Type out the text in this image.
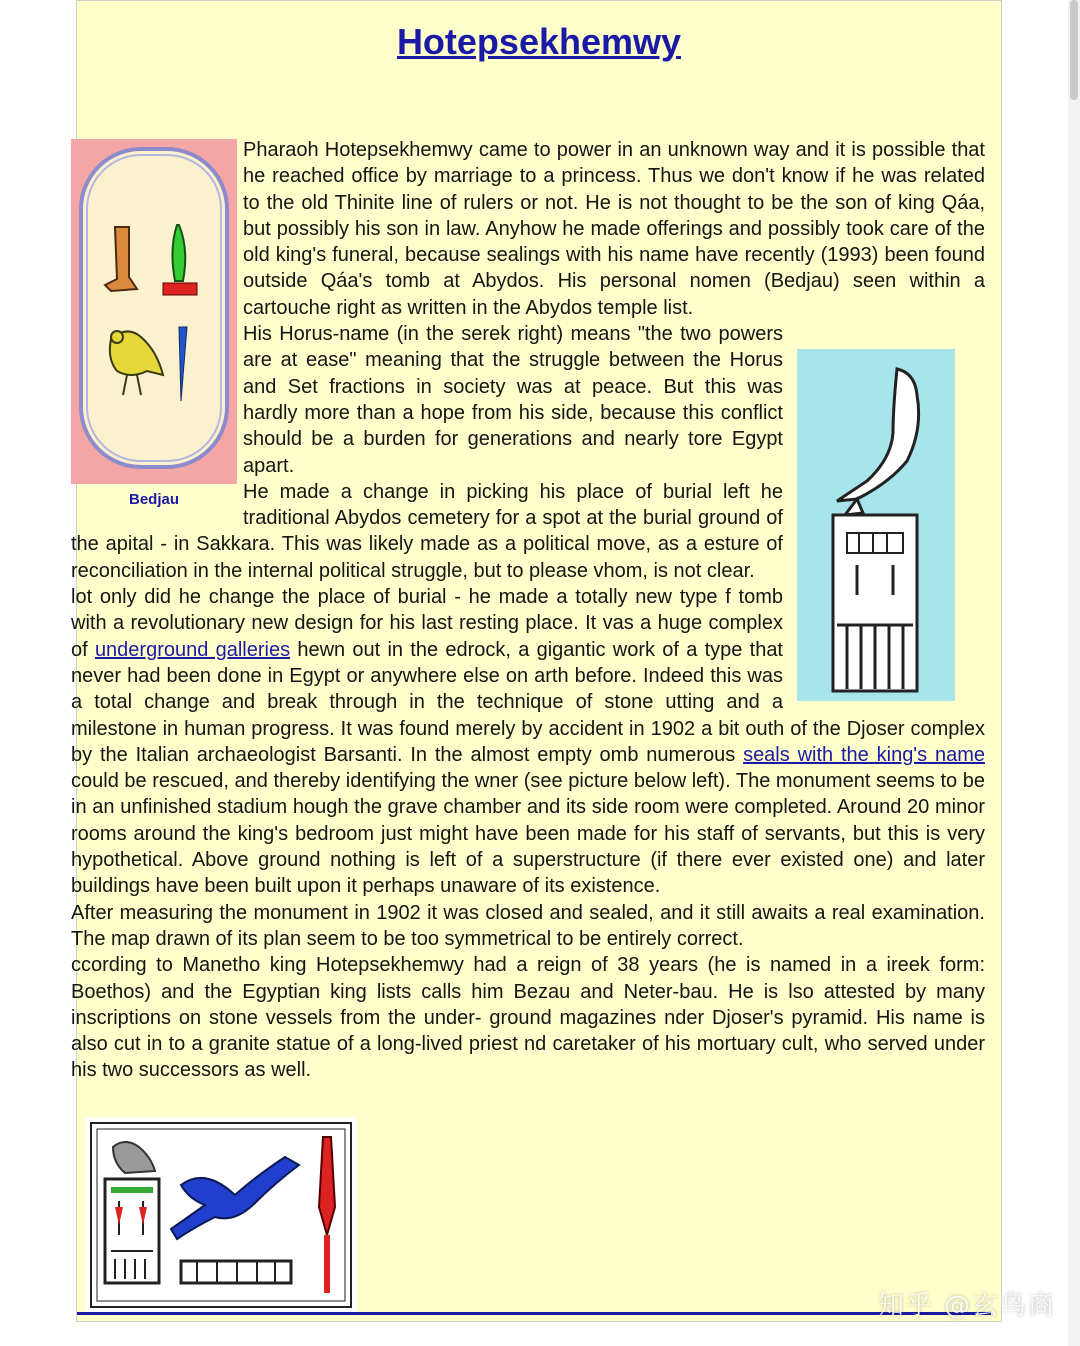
Hotepsekhemwy
Bedjau

Pharaoh Hotepsekhemwy came to power in an unknown way and it is possible that he reached office by marriage to a princess. Thus we don't know if he was related to the old Thinite line of rulers or not. He is not thought to be the son of king Qáa, but possibly his son in law. Anyhow he made offerings and possibly took care of the old king's funeral, because sealings with his name have recently (1993) been found outside Qáa's tomb at Abydos. His personal nomen (Bedjau) seen within a cartouche right as written in the Abydos temple list.

His Horus-name (in the serek right) means "the two powers are at ease" meaning that the struggle between the Horus and Set fractions in society was at peace. But this was hardly more than a hope from his side, because this conflict should be a burden for generations and nearly tore Egypt apart.

He made a change in picking his place of burial left he traditional Abydos cemetery for a spot at the burial ground of the apital - in Sakkara. This was likely made as a political move, as a esture of reconciliation in the internal political struggle, but to please vhom, is not clear.

lot only did he change the place of burial - he made a totally new type f tomb with a revolutionary new design for his last resting place. It vas a huge complex of underground galleries hewn out in the edrock, a gigantic work of a type that never had been done in Egypt or anywhere else on arth before. Indeed this was a total change and break through in the technique of stone utting and a milestone in human progress. It was found merely by accident in 1902 a bit outh of the Djoser complex by the Italian archaeologist Barsanti. In the almost empty omb numerous seals with the king's name could be rescued, and thereby identifying the wner (see picture below left). The monument seems to be in an unfinished stadium hough the grave chamber and its side room were completed. Around 20 minor rooms around the king's bedroom just might have been made for his staff of servants, but this is very hypothetical. Above ground nothing is left of a superstructure (if there ever existed one) and later buildings have been built upon it perhaps unaware of its existence.

After measuring the monument in 1902 it was closed and sealed, and it still awaits a real examination. The map drawn of its plan seem to be too symmetrical to be entirely correct.

ccording to Manetho king Hotepsekhemwy had a reign of 38 years (he is named in a ireek form: Boethos) and the Egyptian king lists calls him Bezau and Neter-bau. He is lso attested by many inscriptions on stone vessels from the under- ground magazines nder Djoser's pyramid. His name is also cut in to a granite statue of a long-lived priest nd caretaker of his mortuary cult, who served under his two successors as well.

知乎 @玄鸟商
